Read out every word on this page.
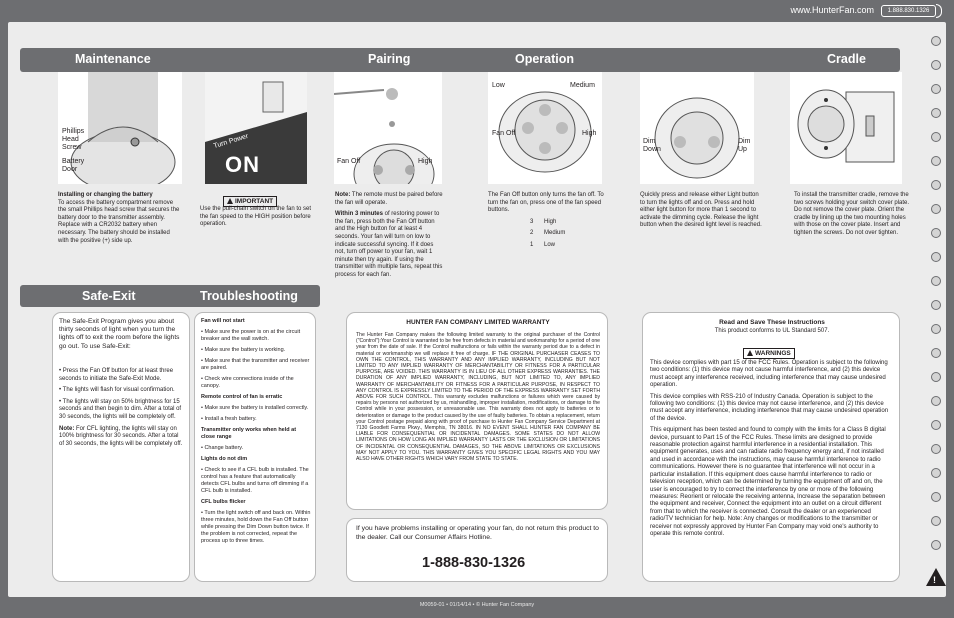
www.HunterFan.com	1.888.830.1326
Maintenance	Pairing	Operation	Cradle
Safe-Exit	Troubleshooting
Phillips
Head
Screw
Battery
Door
Turn Power
ON	Fan Off	High
Low	Medium
Fan Off	High
Dim
Down
Dim
Up
Installing or changing the battery
To access the battery compartment remove the small Phillips head screw that secures the battery door to the transmitter assembly. Replace with a CR2032 battery when necessary. The battery should be installed with the positive (+) side up.
IMPORTANT
Use the pull-chain switch on the fan to set the fan speed to the HIGH position before operation.

Note: The remote must be paired before the fan will operate.

Within 3 minutes of restoring power to the fan, press both the Fan Off button and the High button for at least 4 seconds. Your fan will turn on low to indicate successful syncing. If it does not, turn off power to your fan, wait 1 minute then try again. If using the transmitter with multiple fans, repeat this process for each fan.

The Fan Off button only turns the fan off. To turn the fan on, press one of the fan speed buttons.

3 High
2 Medium
1 Low
Quickly press and release either Light button to turn the lights off and on. Press and hold either light button for more than 1 second to activate the dimming cycle. Release the light button when the desired light level is reached.
To install the transmitter cradle, remove the two screws holding your switch cover plate. Do not remove the cover plate. Orient the cradle by lining up the two mounting holes with those on the cover plate. Insert and tighten the screws. Do not over tighten.
The Safe-Exit Program gives you about thirty seconds of light when you turn the lights off to exit the room before the lights go out. To use Safe-Exit:

• Press the Fan Off button for at least three seconds to initiate the Safe-Exit Mode.

• The lights will flash for visual confirmation.

• The lights will stay on 50% brightness for 15 seconds and then begin to dim. After a total of 30 seconds, the lights will be completely off.

Note: For CFL lighting, the lights will stay on 100% brightness for 30 seconds. After a total of 30 seconds, the lights will be completely off.

Fan will not start

• Make sure the power is on at the circuit breaker and the wall switch.

• Make sure the battery is working.

• Make sure that the transmitter and receiver are paired.

• Check wire connections inside of the canopy.

Remote control of fan is erratic

• Make sure the battery is installed correctly.

• Install a fresh battery.

Transmitter only works when held at close range

• Change battery.

Lights do not dim

• Check to see if a CFL bulb is installed. The control has a feature that automatically detects CFL bulbs and turns off dimming if a CFL bulb is installed.

CFL bulbs flicker

• Turn the light switch off and back on. Within three minutes, hold down the Fan Off button while pressing the Dim Down button twice. If the problem is not corrected, repeat the process up to three times.

HUNTER FAN COMPANY LIMITED WARRANTY
The Hunter Fan Company makes the following limited warranty to the original purchaser of the Control ("Control"):Your Control is warranted to be free from defects in material and workmanship for a period of one year from the date of sale. If the Control malfunctions or fails within the warranty period due to a defect in material or workmanship we will replace it free of charge. IF THE ORIGINAL PURCHASER CEASES TO OWN THE CONTROL, THIS WARRANTY AND ANY IMPLIED WARRANTY, INCLUDING BUT NOT LIMITED TO ANY IMPLIED WARRANTY OF MERCHANTABILITY OR FITNESS FOR A PARTICULAR PURPOSE, ARE VOIDED. THIS WARRANTY IS IN LIEU OF ALL OTHER EXPRESS WARRANTIES. THE DURATION OF ANY IMPLIED WARRANTY, INCLUDING, BUT NOT LIMITED TO, ANY IMPLIED WARRANTY OF MERCHANTABILITY OR FITNESS FOR A PARTICULAR PURPOSE, IN RESPECT TO ANY CONTROL IS EXPRESSLY LIMITED TO THE PERIOD OF THE EXPRESS WARRANTY SET FORTH ABOVE FOR SUCH CONTROL. This warranty excludes malfunctions or failures which were caused by repairs by persons not authorized by us, mishandling, improper installation, modifications, or damage to the Control while in your possession, or unreasonable use. This warranty does not apply to batteries or to deterioration or damage to the product caused by the use of faulty batteries. To obtain a replacement, return your Control postage prepaid along with proof of purchase to Hunter Fan Company Service Department at 7130 Goodlett Farms Pkwy., Memphis, TN 38016. IN NO EVENT SHALL HUNTER FAN COMPANY BE LIABLE FOR CONSEQUENTIAL OR INCIDENTAL DAMAGES. SOME STATES DO NOT ALLOW LIMITATIONS ON HOW LONG AN IMPLIED WARRANTY LASTS OR THE EXCLUSION OR LIMITATIONS OF INCIDENTAL OR CONSEQUENTIAL DAMAGES, SO THE ABOVE LIMITATIONS OR EXCLUSIONS MAY NOT APPLY TO YOU. THIS WARRANTY GIVES YOU SPECIFIC LEGAL RIGHTS AND YOU MAY ALSO HAVE OTHER RIGHTS WHICH VARY FROM STATE TO STATE.
If you have problems installing or operating your fan, do not return this product to the dealer. Call our Consumer Affairs Hotline.
1-888-830-1326
Read and Save These Instructions
This product conforms to UL Standard 507.
WARNINGS

This device complies with part 15 of the FCC Rules. Operation is subject to the following two conditions: (1) this device may not cause harmful interference, and (2) this device must accept any interference received, including interference that may cause undesired operation.

This device complies with RSS-210 of Industry Canada. Operation is subject to the following two conditions: (1) this device may not cause interference, and (2) this device must accept any interference, including interference that may cause undesired operation of the device.

This equipment has been tested and found to comply with the limits for a Class B digital device, pursuant to Part 15 of the FCC Rules. These limits are designed to provide reasonable protection against harmful interference in a residential installation. This equipment generates, uses and can radiate radio frequency energy and, if not installed and used in accordance with the instructions, may cause harmful interference to radio communications. However there is no guarantee that interference will not occur in a particular installation. If this equipment does cause harmful interference to radio or television reception, which can be determined by turning the equipment off and on, the user is encouraged to try to correct the interference by one or more of the following measures: Reorient or relocate the receiving antenna, Increase the separation between the equipment and receiver, Connect the equipment into an outlet on a circuit different from that to which the receiver is connected. Consult the dealer or an experienced radio/TV technician for help. Note: Any changes or modifications to the transmitter or receiver not expressly approved by Hunter Fan Company may void one's authority to operate this remote control.

!
M0059-01 • 01/14/14 • © Hunter Fan Company
